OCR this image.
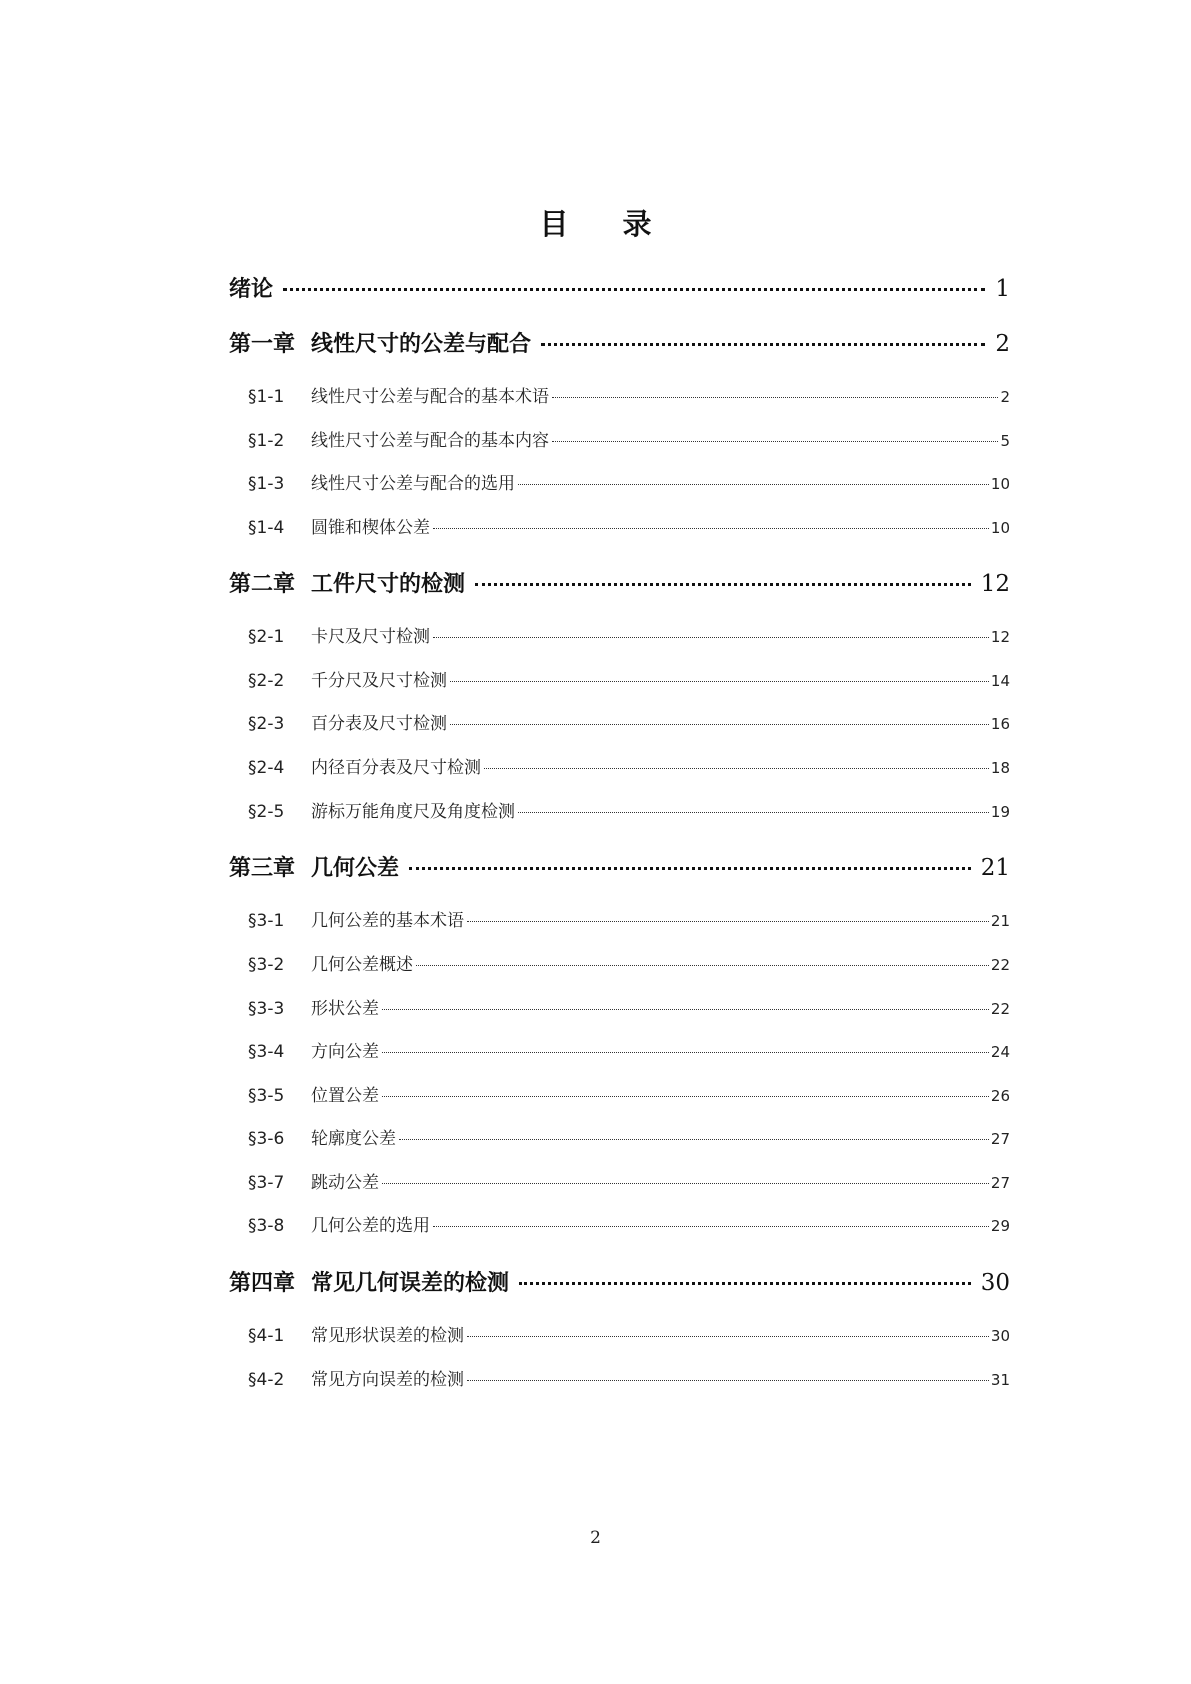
目 录
绪论	1
第一章 线性尺寸的公差与配合	2
§1-1	线性尺寸公差与配合的基本术语	2
§1-2	线性尺寸公差与配合的基本内容	5
§1-3	线性尺寸公差与配合的选用	10
§1-4	圆锥和楔体公差	10
第二章 工件尺寸的检测	12
§2-1	卡尺及尺寸检测	12
§2-2	千分尺及尺寸检测	14
§2-3	百分表及尺寸检测	16
§2-4	内径百分表及尺寸检测	18
§2-5	游标万能角度尺及角度检测	19
第三章 几何公差	21
§3-1	几何公差的基本术语	21
§3-2	几何公差概述	22
§3-3	形状公差	22
§3-4	方向公差	24
§3-5	位置公差	26
§3-6	轮廓度公差	27
§3-7	跳动公差	27
§3-8	几何公差的选用	29
第四章 常见几何误差的检测	30
§4-1	常见形状误差的检测	30
§4-2	常见方向误差的检测	31
2
